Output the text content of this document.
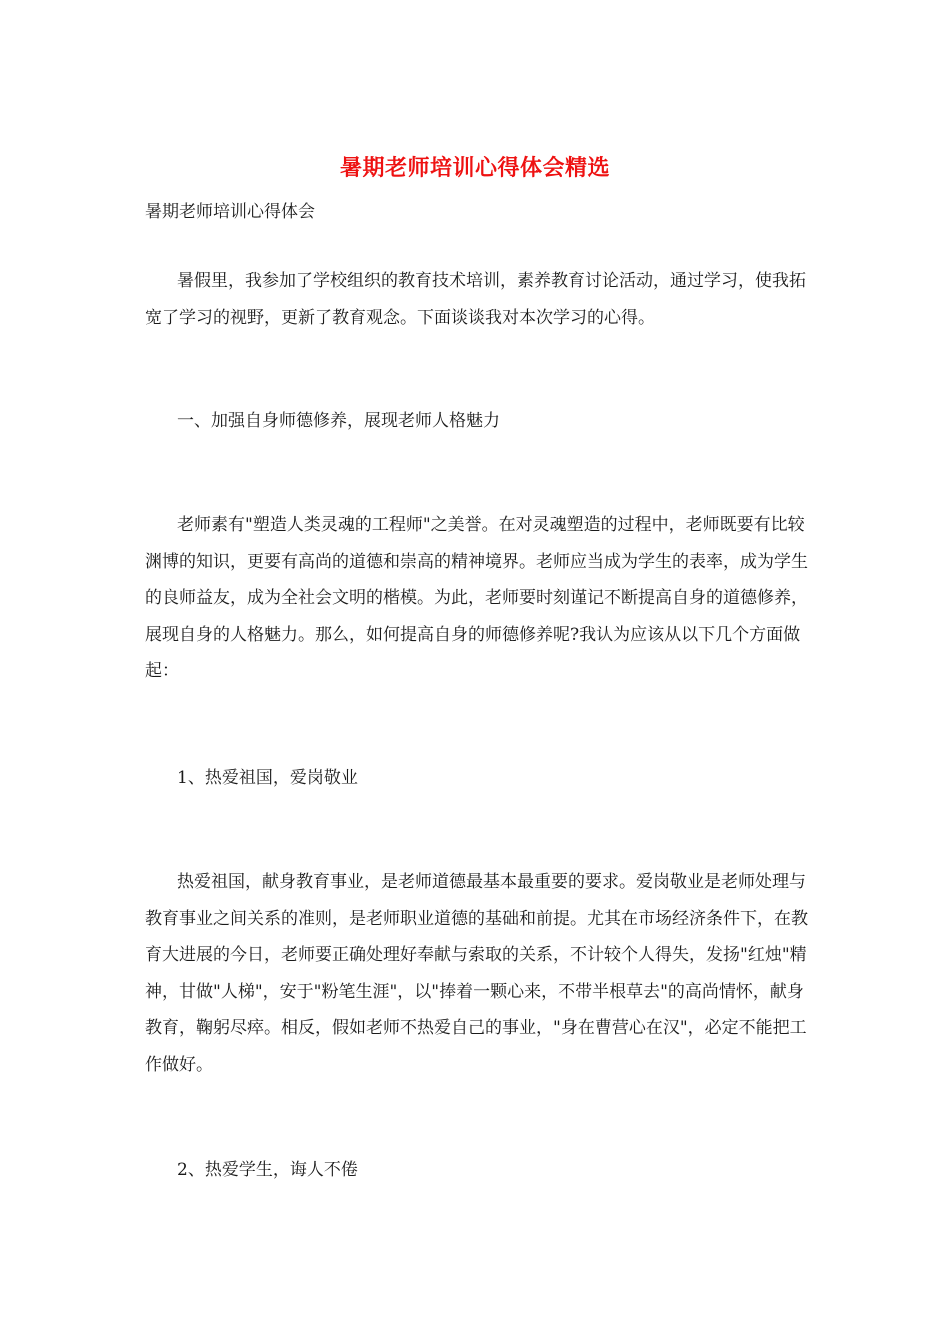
暑期老师培训心得体会精选
暑期老师培训心得体会

暑假里，我参加了学校组织的教育技术培训，素养教育讨论活动，通过学习，使我拓宽了学习的视野，更新了教育观念。下面谈谈我对本次学习的心得。

一、加强自身师德修养，展现老师人格魅力

老师素有"塑造人类灵魂的工程师"之美誉。在对灵魂塑造的过程中，老师既要有比较渊博的知识，更要有高尚的道德和崇高的精神境界。老师应当成为学生的表率，成为学生的良师益友，成为全社会文明的楷模。为此，老师要时刻谨记不断提高自身的道德修养，展现自身的人格魅力。那么，如何提高自身的师德修养呢?我认为应该从以下几个方面做起：

1、热爱祖国，爱岗敬业

热爱祖国，献身教育事业，是老师道德最基本最重要的要求。爱岗敬业是老师处理与教育事业之间关系的准则，是老师职业道德的基础和前提。尤其在市场经济条件下，在教育大进展的今日，老师要正确处理好奉献与索取的关系，不计较个人得失，发扬"红烛"精神，甘做"人梯"，安于"粉笔生涯"，以"捧着一颗心来，不带半根草去"的高尚情怀，献身教育，鞠躬尽瘁。相反，假如老师不热爱自己的事业，"身在曹营心在汉"，必定不能把工作做好。

2、热爱学生，诲人不倦
